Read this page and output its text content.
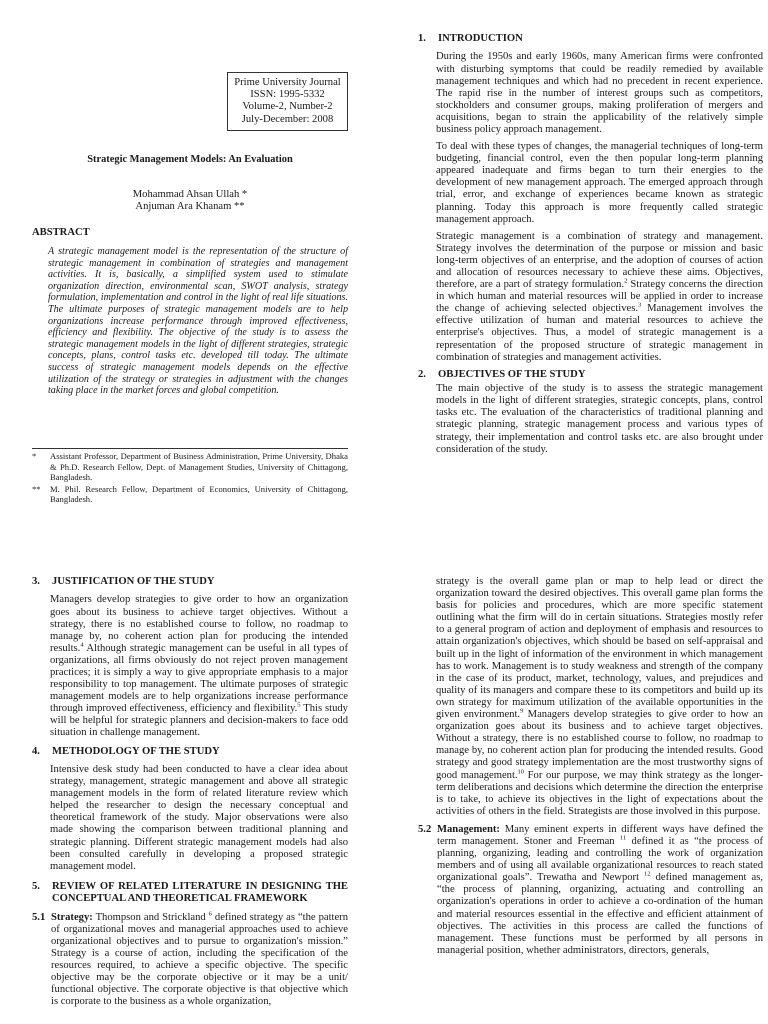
Prime University Journal
ISSN: 1995-5332
Volume-2, Number-2
July-December: 2008
Strategic Management Models: An Evaluation
Mohammad Ahsan Ullah *
Anjuman Ara Khanam **
ABSTRACT
A strategic management model is the representation of the structure of strategic management in combination of strategies and management activities. It is, basically, a simplified system used to stimulate organization direction, environmental scan, SWOT analysis, strategy formulation, implementation and control in the light of real life situations. The ultimate purposes of strategic management models are to help organizations increase performance through improved effectiveness, efficiency and flexibility. The objective of the study is to assess the strategic management models in the light of different strategies, strategic concepts, plans, control tasks etc. developed till today. The ultimate success of strategic management models depends on the effective utilization of the strategy or strategies in adjustment with the changes taking place in the market forces and global competition.
*	Assistant Professor, Department of Business Administration, Prime University, Dhaka & Ph.D. Research Fellow, Dept. of Management Studies, University of Chittagong, Bangladesh.
**	M. Phil. Research Fellow, Department of Economics, University of Chittagong, Bangladesh.
1.	INTRODUCTION

During the 1950s and early 1960s, many American firms were confronted with disturbing symptoms that could be readily remedied by available management techniques and which had no precedent in recent experience. The rapid rise in the number of interest groups such as competitors, stockholders and consumer groups, making proliferation of mergers and acquisitions, began to strain the applicability of the relatively simple business policy approach management.

To deal with these types of changes, the managerial techniques of long-term budgeting, financial control, even the then popular long-term planning appeared inadequate and firms began to turn their energies to the development of new management approach. The emerged approach through trial, error, and exchange of experiences became known as strategic planning. Today this approach is more frequently called strategic management approach.

Strategic management is a combination of strategy and management. Strategy involves the determination of the purpose or mission and basic long-term objectives of an enterprise, and the adoption of courses of action and allocation of resources necessary to achieve these aims. Objectives, therefore, are a part of strategy formulation.$^2$ Strategy concerns the direction in which human and material resources will be applied in order to increase the change of achieving selected objectives.$^3$ Management involves the effective utilization of human and material resources to achieve the enterprise's objectives. Thus, a model of strategic management is a representation of the proposed structure of strategic management in combination of strategies and management activities.

2.	OBJECTIVES OF THE STUDY

The main objective of the study is to assess the strategic management models in the light of different strategies, strategic concepts, plans, control tasks etc. The evaluation of the characteristics of traditional planning and strategic planning, strategic management process and various types of strategy, their implementation and control tasks etc. are also brought under consideration of the study.

3.	JUSTIFICATION OF THE STUDY

Managers develop strategies to give order to how an organization goes about its business to achieve target objectives. Without a strategy, there is no established course to follow, no roadmap to manage by, no coherent action plan for producing the intended results.$^4$ Although strategic management can be useful in all types of organizations, all firms obviously do not reject proven management practices; it is simply a way to give appropriate emphasis to a major responsibility to top management. The ultimate purposes of strategic management models are to help organizations increase performance through improved effectiveness, efficiency and flexibility.$^5$ This study will be helpful for strategic planners and decision-makers to face odd situation in challenge management.

4.	METHODOLOGY OF THE STUDY

Intensive desk study had been conducted to have a clear idea about strategy, management, strategic management and above all strategic management models in the form of related literature review which helped the researcher to design the necessary conceptual and theoretical framework of the study. Major observations were also made showing the comparison between traditional planning and strategic planning. Different strategic management models had also been consulted carefully in developing a proposed strategic management model.

5.	REVIEW OF RELATED LITERATURE IN DESIGNING THE CONCEPTUAL AND THEORETICAL FRAMEWORK
5.1 Strategy: Thompson and Strickland $^6$ defined strategy as “the pattern of organizational moves and managerial approaches used to achieve organizational objectives and to pursue to organization's mission.” Strategy is a course of action, including the specification of the resources required, to achieve a specific objective. The specific objective may be the corporate objective or it may be a unit/ functional objective. The corporate objective is that objective which is corporate to the business as a whole organization,

strategy is the overall game plan or map to help lead or direct the organization toward the desired objectives. This overall game plan forms the basis for policies and procedures, which are more specific statement outlining what the firm will do in certain situations. Strategies mostly refer to a general program of action and deployment of emphasis and resources to attain organization's objectives, which should be based on self-appraisal and built up in the light of information of the environment in which management has to work. Management is to study weakness and strength of the company in the case of its product, market, technology, values, and prejudices and quality of its managers and compare these to its competitors and build up its own strategy for maximum utilization of the available opportunities in the given environment.$^9$ Managers develop strategies to give order to how an organization goes about its business and to achieve target objectives. Without a strategy, there is no established course to follow, no roadmap to manage by, no coherent action plan for producing the intended results. Good strategy and good strategy implementation are the most trustworthy signs of good management.$^{10}$ For our purpose, we may think strategy as the longer-term deliberations and decisions which determine the direction the enterprise is to take, to achieve its objectives in the light of expectations about the activities of others in the field. Strategists are those involved in this purpose.

5.2 Management: Many eminent experts in different ways have defined the term management. Stoner and Freeman $^{11}$ defined it as “the process of planning, organizing, leading and controlling the work of organization members and of using all available organizational resources to reach stated organizational goals”. Trewatha and Newport $^{12}$ defined management as, “the process of planning, organizing, actuating and controlling an organization's operations in order to achieve a co-ordination of the human and material resources essential in the effective and efficient attainment of objectives. The activities in this process are called the functions of management. These functions must be performed by all persons in managerial position, whether administrators, directors, generals,
